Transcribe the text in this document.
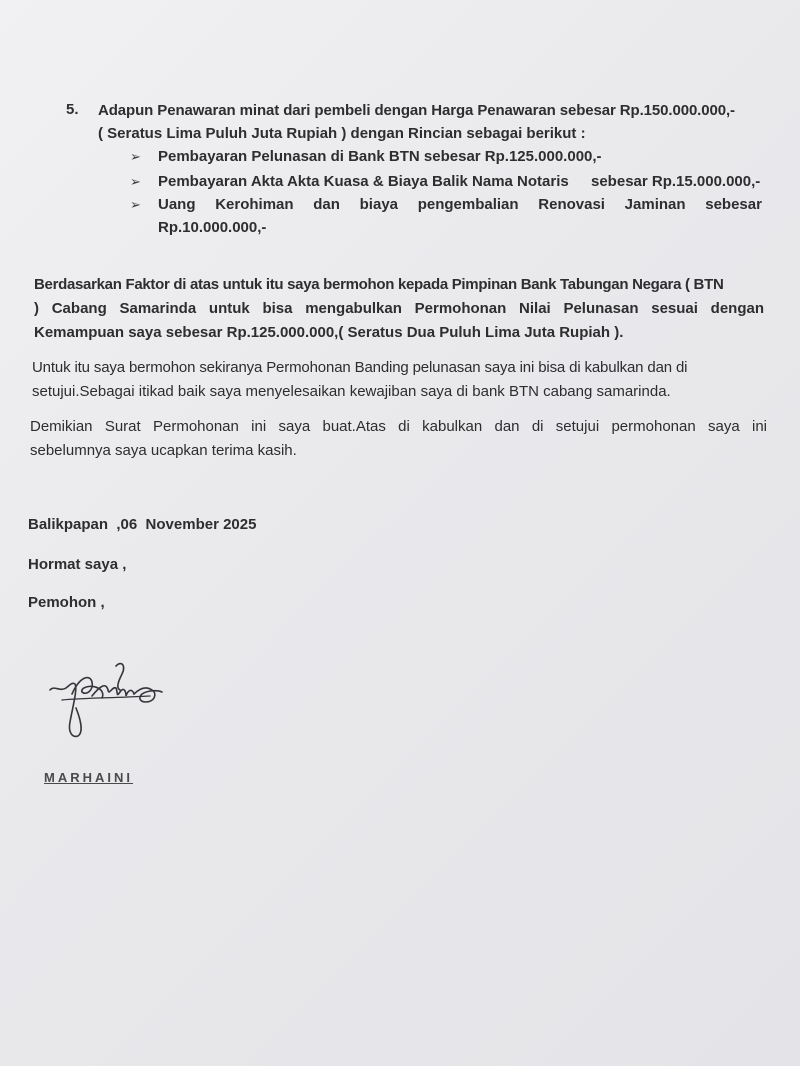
5. Adapun Penawaran minat dari pembeli dengan Harga Penawaran sebesar Rp.150.000.000,-
( Seratus Lima Puluh Juta Rupiah ) dengan Rincian sebagai berikut :
➢ Pembayaran Pelunasan di Bank BTN sebesar Rp.125.000.000,-
➢ Pembayaran Akta Akta Kuasa & Biaya Balik Nama Notaris sebesar Rp.15.000.000,-
➢ Uang Kerohiman dan biaya pengembalian Renovasi Jaminan sebesar
Rp.10.000.000,-
Berdasarkan Faktor di atas untuk itu saya bermohon kepada Pimpinan Bank Tabungan Negara ( BTN
) Cabang Samarinda untuk bisa mengabulkan Permohonan Nilai Pelunasan sesuai dengan
Kemampuan saya sebesar Rp.125.000.000,( Seratus Dua Puluh Lima Juta Rupiah ).
Untuk itu saya bermohon sekiranya Permohonan Banding pelunasan saya ini bisa di kabulkan dan di
setujui.Sebagai itikad baik saya menyelesaikan kewajiban saya di bank BTN cabang samarinda.
Demikian Surat Permohonan ini saya buat.Atas di kabulkan dan di setujui permohonan saya ini
sebelumnya saya ucapkan terima kasih.
Balikpapan  ,06  November 2025
Hormat saya ,
Pemohon ,
MARHAINI
